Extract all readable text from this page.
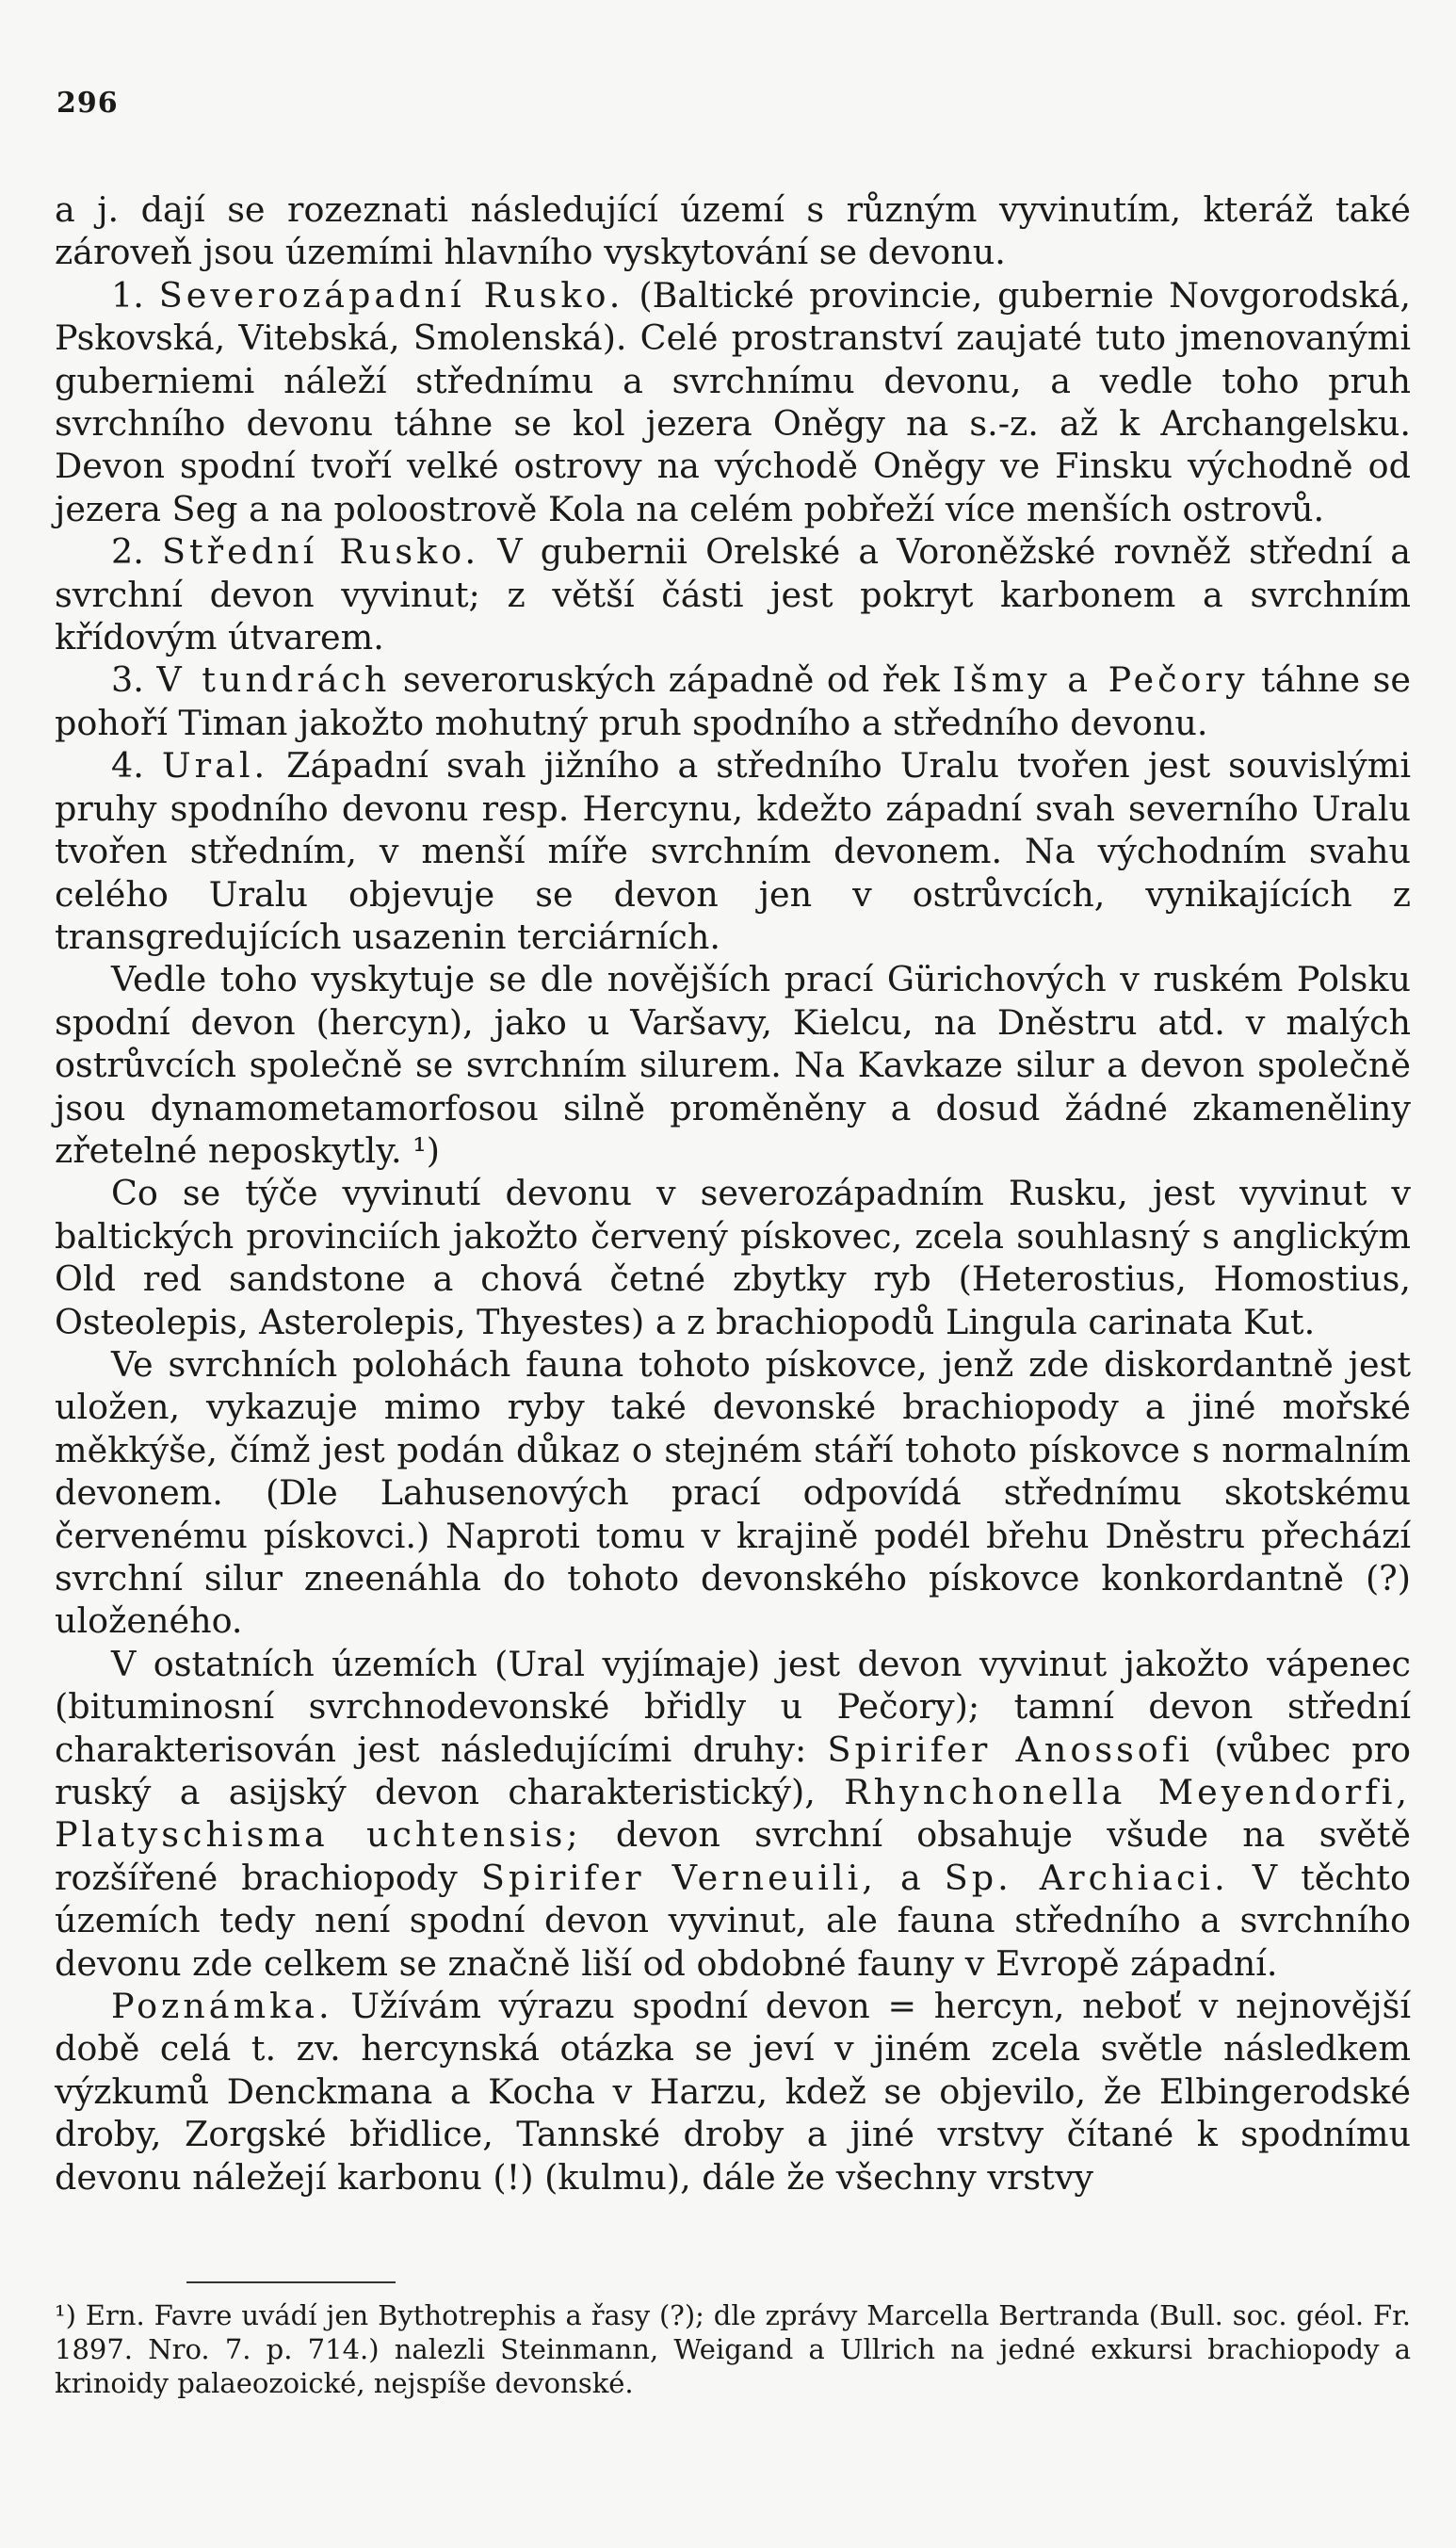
296

a j. dají se rozeznati následující území s různým vyvinutím, kteráž také zároveň jsou územími hlavního vyskytování se devonu.

1. Severozápadní Rusko. (Baltické provincie, gubernie Novgorodská, Pskovská, Vitebská, Smolenská). Celé prostranství zaujaté tuto jmenovanými guberniemi náleží střednímu a svrchnímu devonu, a vedle toho pruh svrchního devonu táhne se kol jezera Oněgy na s.-z. až k Archangelsku. Devon spodní tvoří velké ostrovy na východě Oněgy ve Finsku východně od jezera Seg a na poloostrově Kola na celém pobřeží více menších ostrovů.

2. Střední Rusko. V gubernii Orelské a Voroněžské rovněž střední a svrchní devon vyvinut; z větší části jest pokryt karbonem a svrchním křídovým útvarem.

3. V tundrách severoruských západně od řek Išmy a Pečory táhne se pohoří Timan jakožto mohutný pruh spodního a středního devonu.

4. Ural. Západní svah jižního a středního Uralu tvořen jest souvislými pruhy spodního devonu resp. Hercynu, kdežto západní svah severního Uralu tvořen středním, v menší míře svrchním devonem. Na východním svahu celého Uralu objevuje se devon jen v ostrůvcích, vynikajících z transgredujících usazenin terciárních.

Vedle toho vyskytuje se dle novějších prací Gürichových v ruském Polsku spodní devon (hercyn), jako u Varšavy, Kielcu, na Dněstru atd. v malých ostrůvcích společně se svrchním silurem. Na Kavkaze silur a devon společně jsou dynamometamorfosou silně proměněny a dosud žádné zkameněliny zřetelné neposkytly. ¹)

Co se týče vyvinutí devonu v severozápadním Rusku, jest vyvinut v baltických provinciích jakožto červený pískovec, zcela souhlasný s anglickým Old red sandstone a chová četné zbytky ryb (Heterostius, Homostius, Osteolepis, Asterolepis, Thyestes) a z brachiopodů Lingula carinata Kut.

Ve svrchních polohách fauna tohoto pískovce, jenž zde diskordantně jest uložen, vykazuje mimo ryby také devonské brachiopody a jiné mořské měkkýše, čímž jest podán důkaz o stejném stáří tohoto pískovce s normalním devonem. (Dle Lahusenových prací odpovídá střednímu skotskému červenému pískovci.) Naproti tomu v krajině podél břehu Dněstru přechází svrchní silur zneenáhla do tohoto devonského pískovce konkordantně (?) uloženého.

V ostatních územích (Ural vyjímaje) jest devon vyvinut jakožto vápenec (bituminosní svrchnodevonské břidly u Pečory); tamní devon střední charakterisován jest následujícími druhy: Spirifer Anossofi (vůbec pro ruský a asijský devon charakteristický), Rhynchonella Meyendorfi, Platyschisma uchtensis; devon svrchní obsahuje všude na světě rozšířené brachiopody Spirifer Verneuili, a Sp. Archiaci. V těchto územích tedy není spodní devon vyvinut, ale fauna středního a svrchního devonu zde celkem se značně liší od obdobné fauny v Evropě západní.

Poznámka. Užívám výrazu spodní devon = hercyn, neboť v nejnovější době celá t. zv. hercynská otázka se jeví v jiném zcela světle následkem výzkumů Denckmana a Kocha v Harzu, kdež se objevilo, že Elbingerodské droby, Zorgské břidlice, Tannské droby a jiné vrstvy čítané k spodnímu devonu náležejí karbonu (!) (kulmu), dále že všechny vrstvy

¹) Ern. Favre uvádí jen Bythotrephis a řasy (?); dle zprávy Marcella Bertranda (Bull. soc. géol. Fr. 1897. Nro. 7. p. 714.) nalezli Steinmann, Weigand a Ullrich na jedné exkursi brachiopody a krinoidy palaeozoické, nejspíše devonské.
